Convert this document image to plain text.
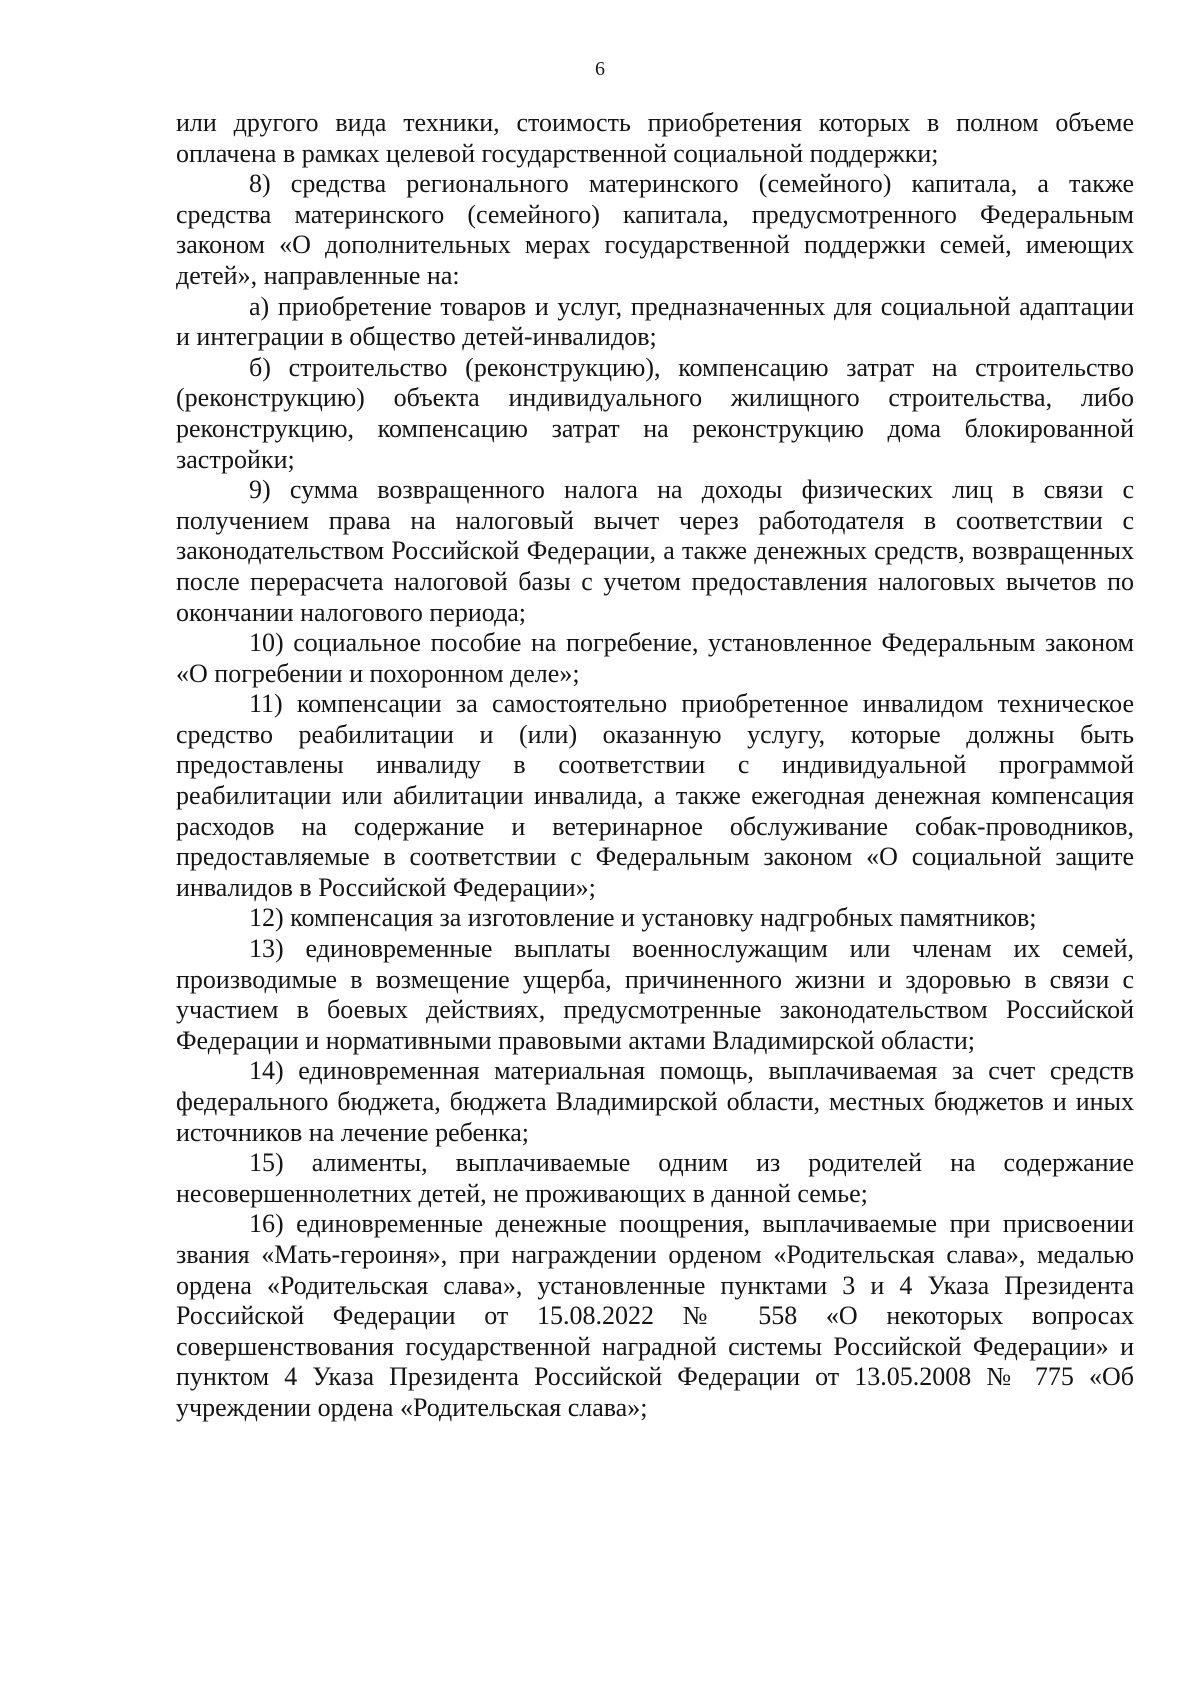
6

или другого вида техники, стоимость приобретения которых в полном объеме оплачена в рамках целевой государственной социальной поддержки;

8) средства регионального материнского (семейного) капитала, а также средства материнского (семейного) капитала, предусмотренного Федеральным законом «О дополнительных мерах государственной поддержки семей, имеющих детей», направленные на:

а) приобретение товаров и услуг, предназначенных для социальной адаптации и интеграции в общество детей-инвалидов;

б) строительство (реконструкцию), компенсацию затрат на строительство (реконструкцию) объекта индивидуального жилищного строительства, либо реконструкцию, компенсацию затрат на реконструкцию дома блокированной застройки;

9) сумма возвращенного налога на доходы физических лиц в связи с получением права на налоговый вычет через работодателя в соответствии с законодательством Российской Федерации, а также денежных средств, возвращенных после перерасчета налоговой базы с учетом предоставления налоговых вычетов по окончании налогового периода;

10) социальное пособие на погребение, установленное Федеральным законом «О погребении и похоронном деле»;

11) компенсации за самостоятельно приобретенное инвалидом техническое средство реабилитации и (или) оказанную услугу, которые должны быть предоставлены инвалиду в соответствии с индивидуальной программой реабилитации или абилитации инвалида, а также ежегодная денежная компенсация расходов на содержание и ветеринарное обслуживание собак-проводников, предоставляемые в соответствии с Федеральным законом «О социальной защите инвалидов в Российской Федерации»;

12) компенсация за изготовление и установку надгробных памятников;

13) единовременные выплаты военнослужащим или членам их семей, производимые в возмещение ущерба, причиненного жизни и здоровью в связи с участием в боевых действиях, предусмотренные законодательством Российской Федерации и нормативными правовыми актами Владимирской области;

14) единовременная материальная помощь, выплачиваемая за счет средств федерального бюджета, бюджета Владимирской области, местных бюджетов и иных источников на лечение ребенка;

15) алименты, выплачиваемые одним из родителей на содержание несовершеннолетних детей, не проживающих в данной семье;

16) единовременные денежные поощрения, выплачиваемые при присвоении звания «Мать-героиня», при награждении орденом «Родительская слава», медалью ордена «Родительская слава», установленные пунктами 3 и 4 Указа Президента Российской Федерации от 15.08.2022 № 558 «О некоторых вопросах совершенствования государственной наградной системы Российской Федерации» и пунктом 4 Указа Президента Российской Федерации от 13.05.2008 № 775 «Об учреждении ордена «Родительская слава»;
